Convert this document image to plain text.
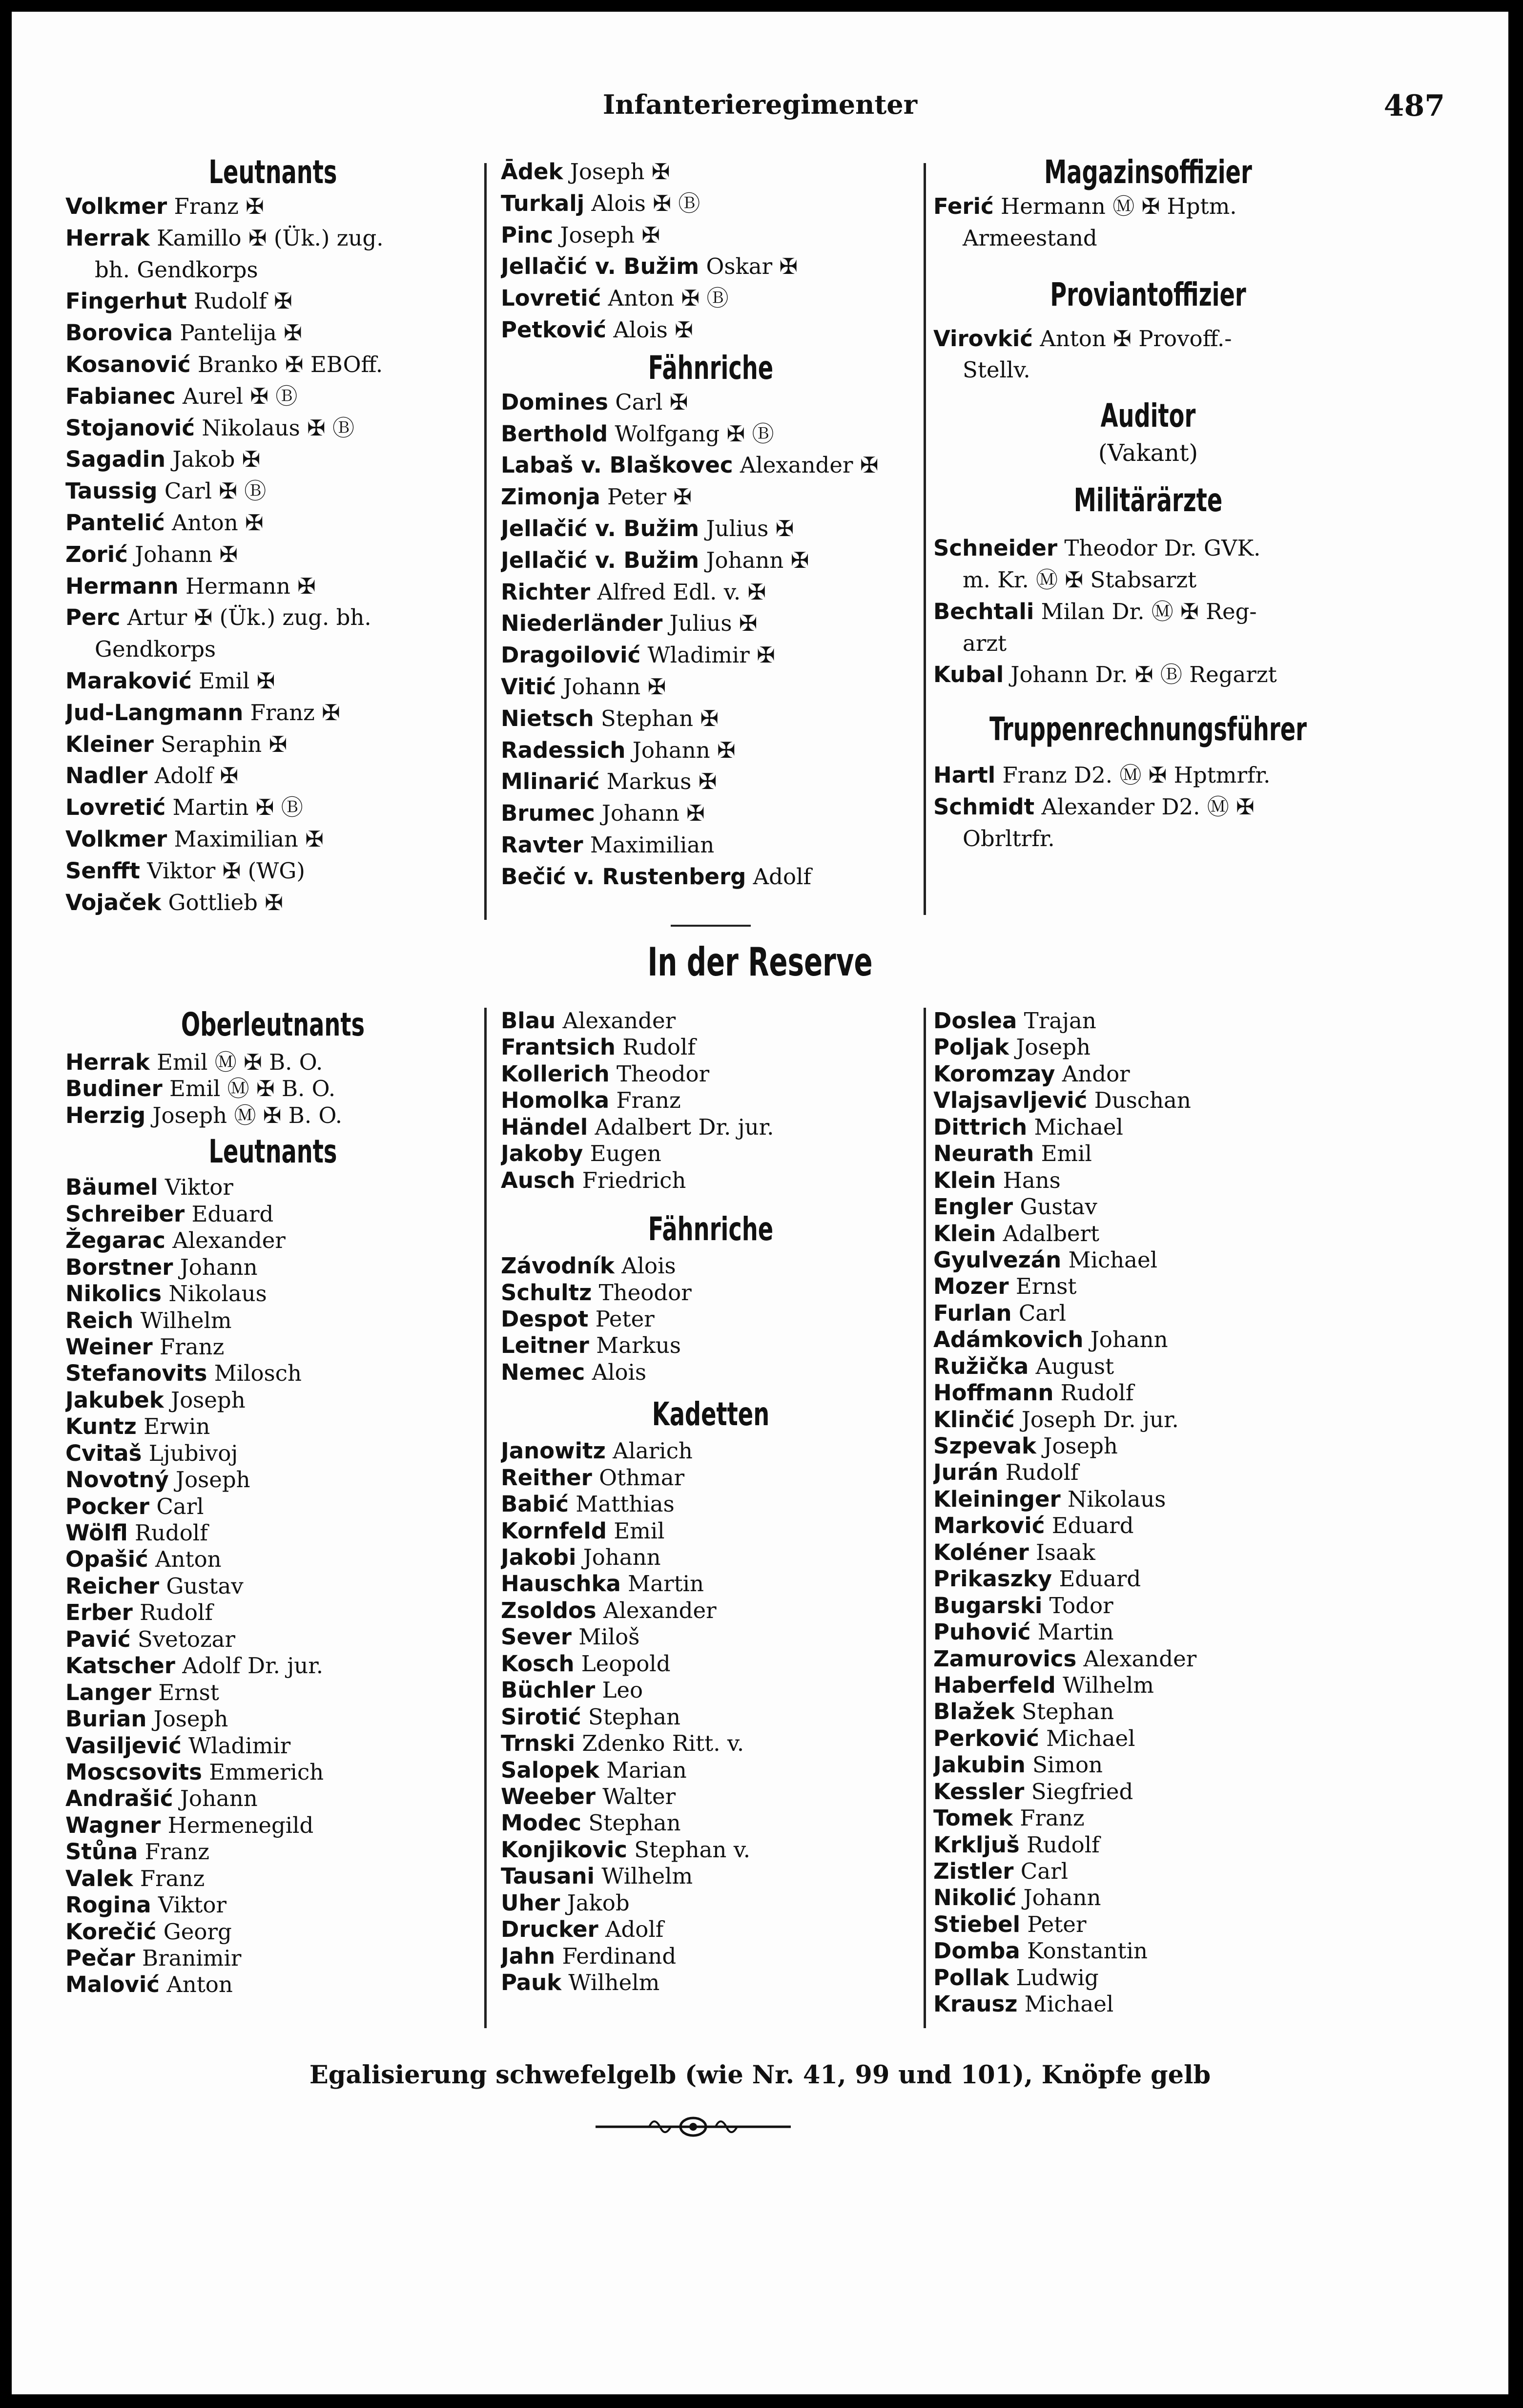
Infanterieregimenter	487
Leutnants
Volkmer Franz ✠
Herrak Kamillo ✠ (Ük.) zug.
bh. Gendkorps
Fingerhut Rudolf ✠
Borovica Pantelija ✠
Kosanović Branko ✠ EBOff.
Fabianec Aurel ✠ Ⓑ
Stojanović Nikolaus ✠ Ⓑ
Sagadin Jakob ✠
Taussig Carl ✠ Ⓑ
Pantelić Anton ✠
Zorić Johann ✠
Hermann Hermann ✠
Perc Artur ✠ (Ük.) zug. bh.
Gendkorps
Maraković Emil ✠
Jud-Langmann Franz ✠
Kleiner Seraphin ✠
Nadler Adolf ✠
Lovretić Martin ✠ Ⓑ
Volkmer Maximilian ✠
Senfft Viktor ✠ (WG)
Vojaček Gottlieb ✠
Ādek Joseph ✠
Turkalj Alois ✠ Ⓑ
Pinc Joseph ✠
Jellačić v. Bužim Oskar ✠
Lovretić Anton ✠ Ⓑ
Petković Alois ✠
Fähnriche
Domines Carl ✠
Berthold Wolfgang ✠ Ⓑ
Labaš v. Blaškovec Alexander ✠
Zimonja Peter ✠
Jellačić v. Bužim Julius ✠
Jellačić v. Bužim Johann ✠
Richter Alfred Edl. v. ✠
Niederländer Julius ✠
Dragoilović Wladimir ✠
Vitić Johann ✠
Nietsch Stephan ✠
Radessich Johann ✠
Mlinarić Markus ✠
Brumec Johann ✠
Ravter Maximilian
Bečić v. Rustenberg Adolf
Magazinsoffizier
Ferić Hermann Ⓜ ✠ Hptm.
Armeestand
Proviantoffizier
Virovkić Anton ✠ Provoff.-
Stellv.
Auditor
(Vakant)
Militärärzte
Schneider Theodor Dr. GVK.
m. Kr. Ⓜ ✠ Stabsarzt
Bechtali Milan Dr. Ⓜ ✠ Reg-
arzt
Kubal Johann Dr. ✠ Ⓑ Regarzt
Truppenrechnungsführer
Hartl Franz D2. Ⓜ ✠ Hptmrfr.
Schmidt Alexander D2. Ⓜ ✠
Obrltrfr.
In der Reserve
Oberleutnants
Herrak Emil Ⓜ ✠ B. O.
Budiner Emil Ⓜ ✠ B. O.
Herzig Joseph Ⓜ ✠ B. O.
Leutnants
Bäumel Viktor
Schreiber Eduard
Žegarac Alexander
Borstner Johann
Nikolics Nikolaus
Reich Wilhelm
Weiner Franz
Stefanovits Milosch
Jakubek Joseph
Kuntz Erwin
Cvitaš Ljubivoj
Novotný Joseph
Pocker Carl
Wölfl Rudolf
Opašić Anton
Reicher Gustav
Erber Rudolf
Pavić Svetozar
Katscher Adolf Dr. jur.
Langer Ernst
Burian Joseph
Vasiljević Wladimir
Moscsovits Emmerich
Andrašić Johann
Wagner Hermenegild
Stůna Franz
Valek Franz
Rogina Viktor
Korečić Georg
Pečar Branimir
Malović Anton
Blau Alexander
Frantsich Rudolf
Kollerich Theodor
Homolka Franz
Händel Adalbert Dr. jur.
Jakoby Eugen
Ausch Friedrich
Fähnriche
Závodník Alois
Schultz Theodor
Despot Peter
Leitner Markus
Nemec Alois
Kadetten
Janowitz Alarich
Reither Othmar
Babić Matthias
Kornfeld Emil
Jakobi Johann
Hauschka Martin
Zsoldos Alexander
Sever Miloš
Kosch Leopold
Büchler Leo
Sirotić Stephan
Trnski Zdenko Ritt. v.
Salopek Marian
Weeber Walter
Modec Stephan
Konjikovic Stephan v.
Tausani Wilhelm
Uher Jakob
Drucker Adolf
Jahn Ferdinand
Pauk Wilhelm
Doslea Trajan
Poljak Joseph
Koromzay Andor
Vlajsavljević Duschan
Dittrich Michael
Neurath Emil
Klein Hans
Engler Gustav
Klein Adalbert
Gyulvezán Michael
Mozer Ernst
Furlan Carl
Adámkovich Johann
Ružička August
Hoffmann Rudolf
Klinčić Joseph Dr. jur.
Szpevak Joseph
Jurán Rudolf
Kleininger Nikolaus
Marković Eduard
Koléner Isaak
Prikaszky Eduard
Bugarski Todor
Puhović Martin
Zamurovics Alexander
Haberfeld Wilhelm
Blažek Stephan
Perković Michael
Jakubin Simon
Kessler Siegfried
Tomek Franz
Krkljuš Rudolf
Zistler Carl
Nikolić Johann
Stiebel Peter
Domba Konstantin
Pollak Ludwig
Krausz Michael
Egalisierung schwefelgelb (wie Nr. 41, 99 und 101), Knöpfe gelb
